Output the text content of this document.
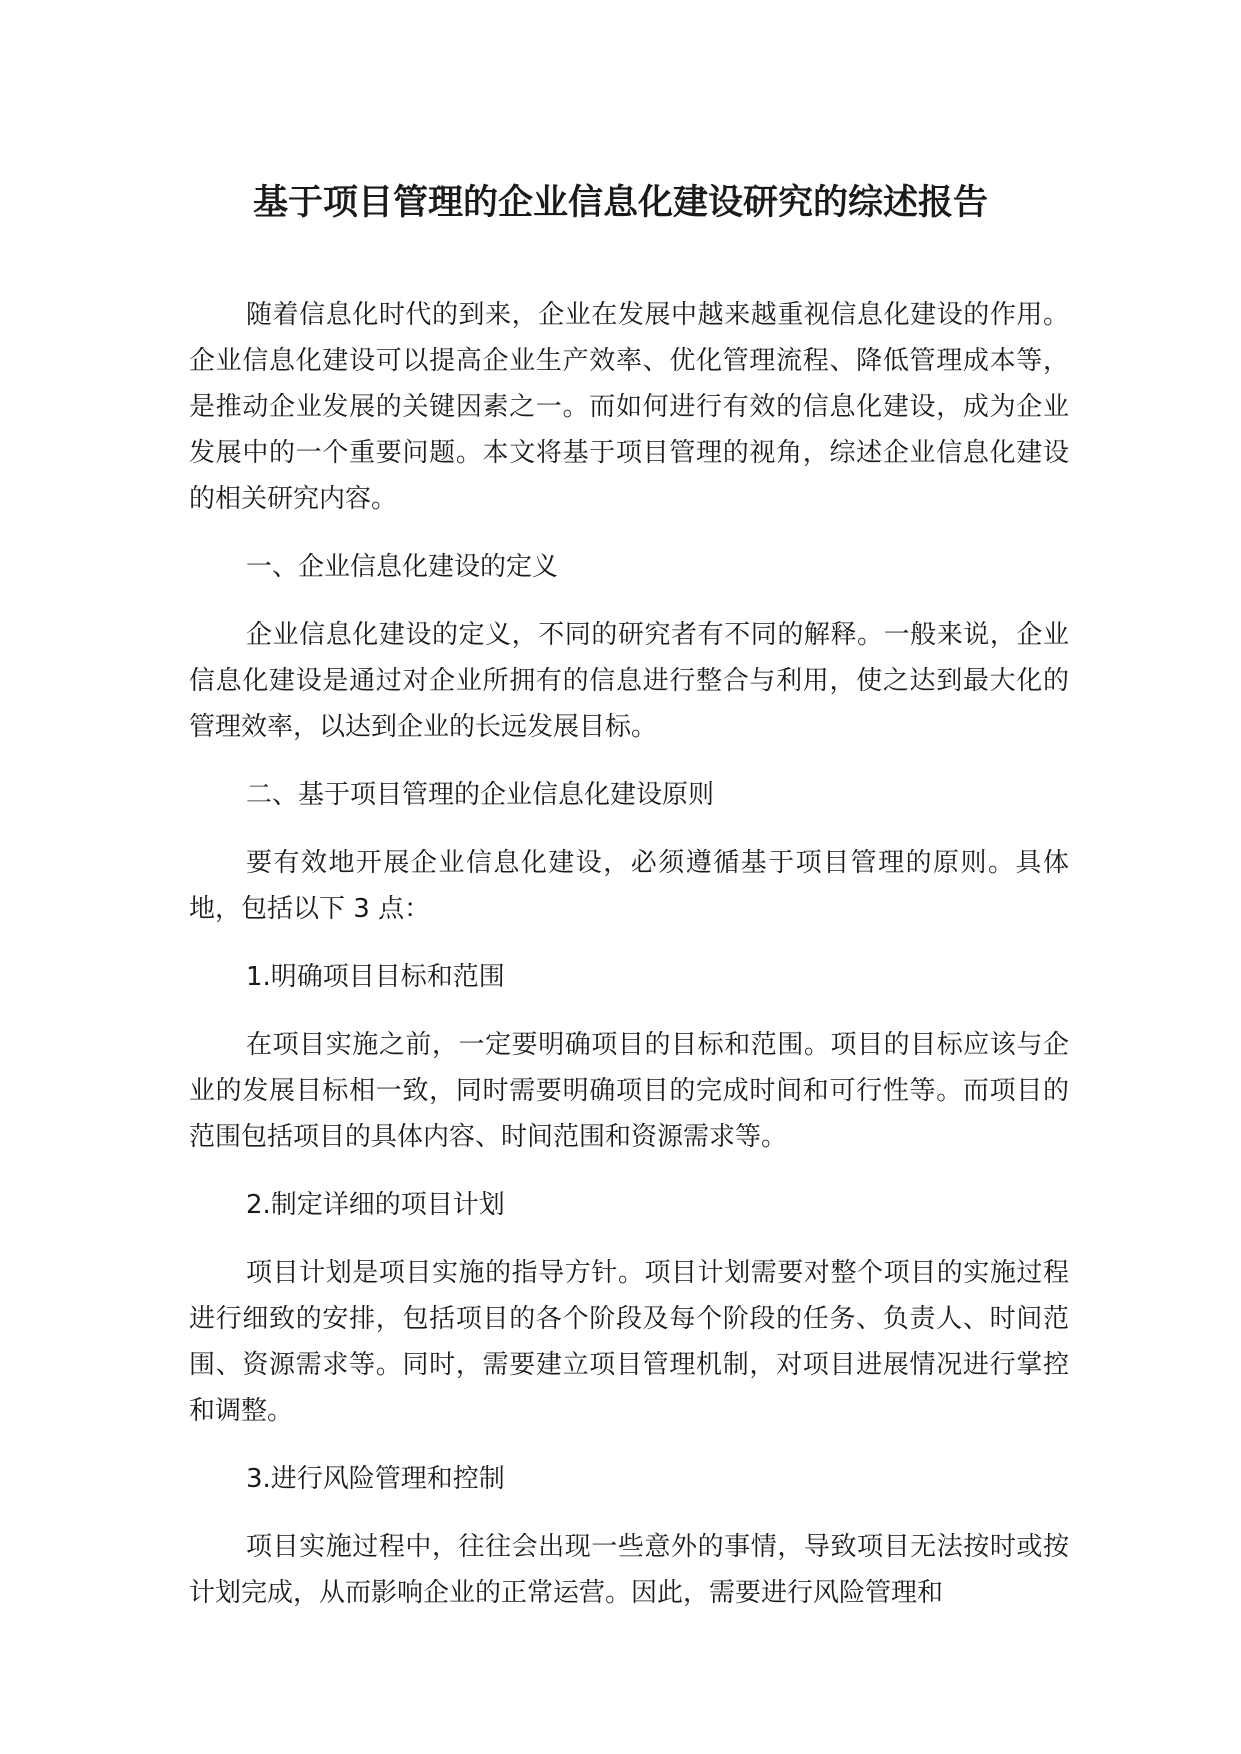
基于项目管理的企业信息化建设研究的综述报告

随着信息化时代的到来，企业在发展中越来越重视信息化建设的作用。企业信息化建设可以提高企业生产效率、优化管理流程、降低管理成本等，是推动企业发展的关键因素之一。而如何进行有效的信息化建设，成为企业发展中的一个重要问题。本文将基于项目管理的视角，综述企业信息化建设的相关研究内容。

一、企业信息化建设的定义

企业信息化建设的定义，不同的研究者有不同的解释。一般来说，企业信息化建设是通过对企业所拥有的信息进行整合与利用，使之达到最大化的管理效率，以达到企业的长远发展目标。

二、基于项目管理的企业信息化建设原则

要有效地开展企业信息化建设，必须遵循基于项目管理的原则。具体地，包括以下 3 点：

1.明确项目目标和范围

在项目实施之前，一定要明确项目的目标和范围。项目的目标应该与企业的发展目标相一致，同时需要明确项目的完成时间和可行性等。而项目的范围包括项目的具体内容、时间范围和资源需求等。

2.制定详细的项目计划

项目计划是项目实施的指导方针。项目计划需要对整个项目的实施过程进行细致的安排，包括项目的各个阶段及每个阶段的任务、负责人、时间范围、资源需求等。同时，需要建立项目管理机制，对项目进展情况进行掌控和调整。

3.进行风险管理和控制

项目实施过程中，往往会出现一些意外的事情，导致项目无法按时或按计划完成，从而影响企业的正常运营。因此，需要进行风险管理和
